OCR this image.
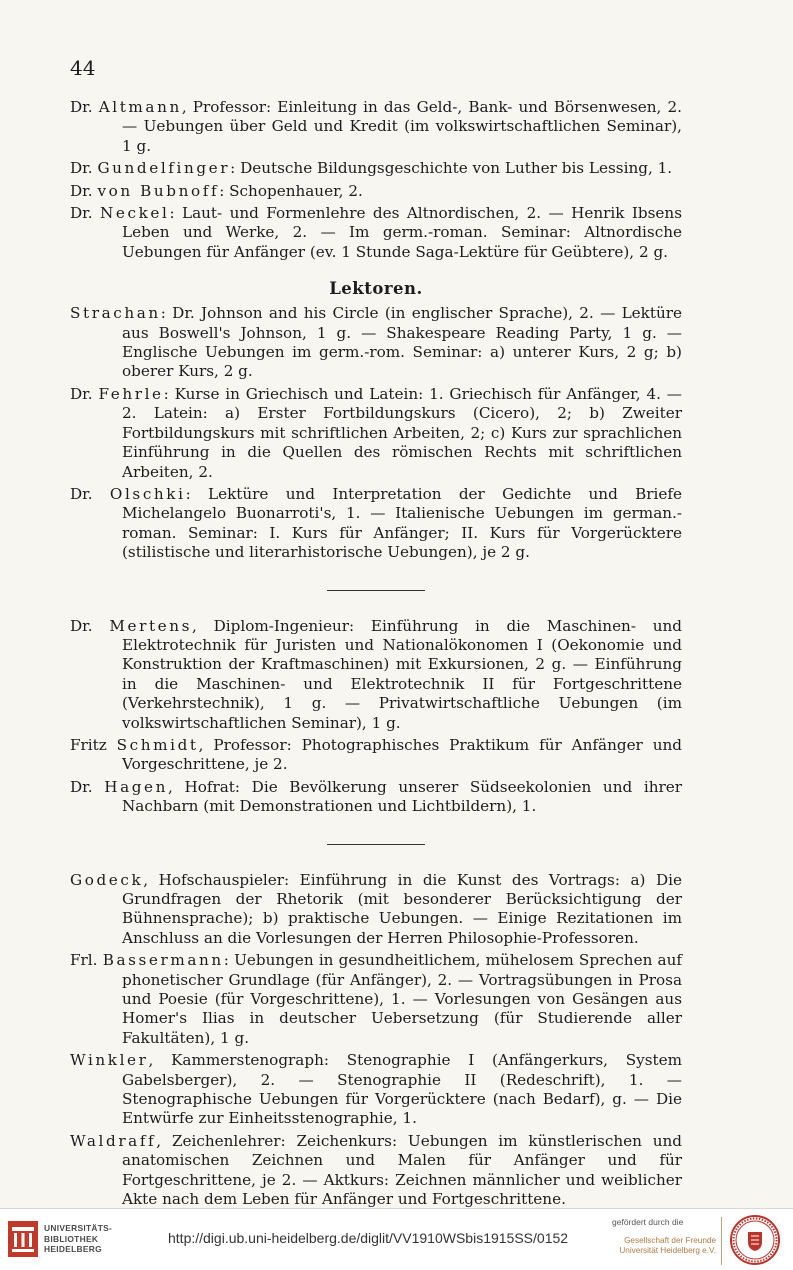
44
Dr. Altmann, Professor: Einleitung in das Geld-, Bank- und Börsenwesen, 2. — Uebungen über Geld und Kredit (im volkswirtschaftlichen Seminar), 1 g.
Dr. Gundelfinger: Deutsche Bildungsgeschichte von Luther bis Lessing, 1.
Dr. von Bubnoff: Schopenhauer, 2.
Dr. Neckel: Laut- und Formenlehre des Altnordischen, 2. — Henrik Ibsens Leben und Werke, 2. — Im germ.-roman. Seminar: Altnordische Uebungen für Anfänger (ev. 1 Stunde Saga-Lektüre für Geübtere), 2 g.
Lektoren.
Strachan: Dr. Johnson and his Circle (in englischer Sprache), 2. — Lektüre aus Boswell's Johnson, 1 g. — Shakespeare Reading Party, 1 g. — Englische Uebungen im germ.-rom. Seminar: a) unterer Kurs, 2 g; b) oberer Kurs, 2 g.
Dr. Fehrle: Kurse in Griechisch und Latein: 1. Griechisch für Anfänger, 4. — 2. Latein: a) Erster Fortbildungskurs (Cicero), 2; b) Zweiter Fortbildungskurs mit schriftlichen Arbeiten, 2; c) Kurs zur sprachlichen Einführung in die Quellen des römischen Rechts mit schriftlichen Arbeiten, 2.
Dr. Olschki: Lektüre und Interpretation der Gedichte und Briefe Michelangelo Buonarroti's, 1. — Italienische Uebungen im german.-roman. Seminar: I. Kurs für Anfänger; II. Kurs für Vorgerücktere (stilistische und literarhistorische Uebungen), je 2 g.
Dr. Mertens, Diplom-Ingenieur: Einführung in die Maschinen- und Elektrotechnik für Juristen und Nationalökonomen I (Oekonomie und Konstruktion der Kraftmaschinen) mit Exkursionen, 2 g. — Einführung in die Maschinen- und Elektrotechnik II für Fortgeschrittene (Verkehrstechnik), 1 g. — Privatwirtschaftliche Uebungen (im volkswirtschaftlichen Seminar), 1 g.
Fritz Schmidt, Professor: Photographisches Praktikum für Anfänger und Vorgeschrittene, je 2.
Dr. Hagen, Hofrat: Die Bevölkerung unserer Südseekolonien und ihrer Nachbarn (mit Demonstrationen und Lichtbildern), 1.
Godeck, Hofschauspieler: Einführung in die Kunst des Vortrags: a) Die Grundfragen der Rhetorik (mit besonderer Berücksichtigung der Bühnensprache); b) praktische Uebungen. — Einige Rezitationen im Anschluss an die Vorlesungen der Herren Philosophie-Professoren.
Frl. Bassermann: Uebungen in gesundheitlichem, mühelosem Sprechen auf phonetischer Grundlage (für Anfänger), 2. — Vortragsübungen in Prosa und Poesie (für Vorgeschrittene), 1. — Vorlesungen von Gesängen aus Homer's Ilias in deutscher Uebersetzung (für Studierende aller Fakultäten), 1 g.
Winkler, Kammerstenograph: Stenographie I (Anfängerkurs, System Gabelsberger), 2. — Stenographie II (Redeschrift), 1. — Stenographische Uebungen für Vorgerücktere (nach Bedarf), g. — Die Entwürfe zur Einheitsstenographie, 1.
Waldraff, Zeichenlehrer: Zeichenkurs: Uebungen im künstlerischen und anatomischen Zeichnen und Malen für Anfänger und für Fortgeschrittene, je 2. — Aktkurs: Zeichnen männlicher und weiblicher Akte nach dem Leben für Anfänger und Fortgeschrittene.
UNIVERSITÄTS-
BIBLIOTHEK
HEIDELBERG
http://digi.ub.uni-heidelberg.de/diglit/VV1910WSbis1915SS/0152
gefördert durch die
Gesellschaft der Freunde
Universität Heidelberg e.V.
